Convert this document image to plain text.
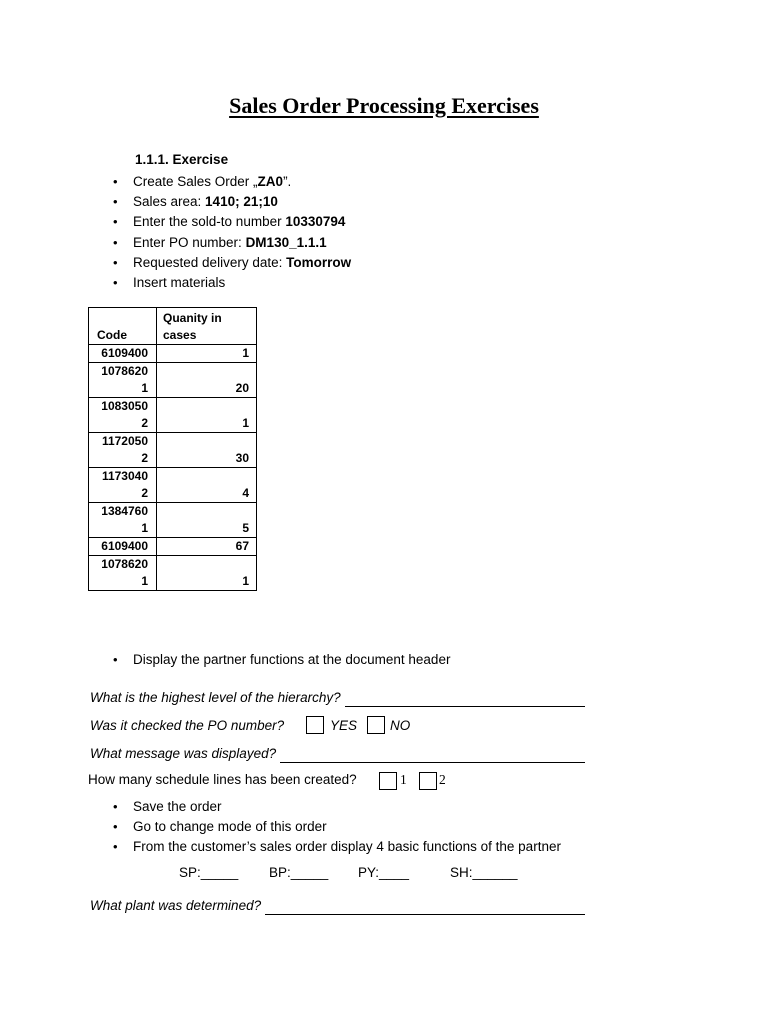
Sales Order Processing Exercises
1.1.1. Exercise
• Create Sales Order „ZA0”.
• Sales area: 1410; 21;10
• Enter the sold-to number 10330794
• Enter PO number: DM130_1.1.1
• Requested delivery date: Tomorrow
• Insert materials
Code	Quanity in cases
6109400	1
10786201	20
10830502	1
11720502	30
11730402	4
13847601	5
6109400	67
10786201	1
• Display the partner functions at the document header
What is the highest level of the hierarchy?
Was it checked the PO number?	YES NO
What message was displayed?
How many schedule lines has been created?	1 2
• Save the order
• Go to change mode of this order
• From the customer’s sales order display 4 basic functions of the partner
SP:_____ BP:_____ PY:____	SH:______
What plant was determined?
